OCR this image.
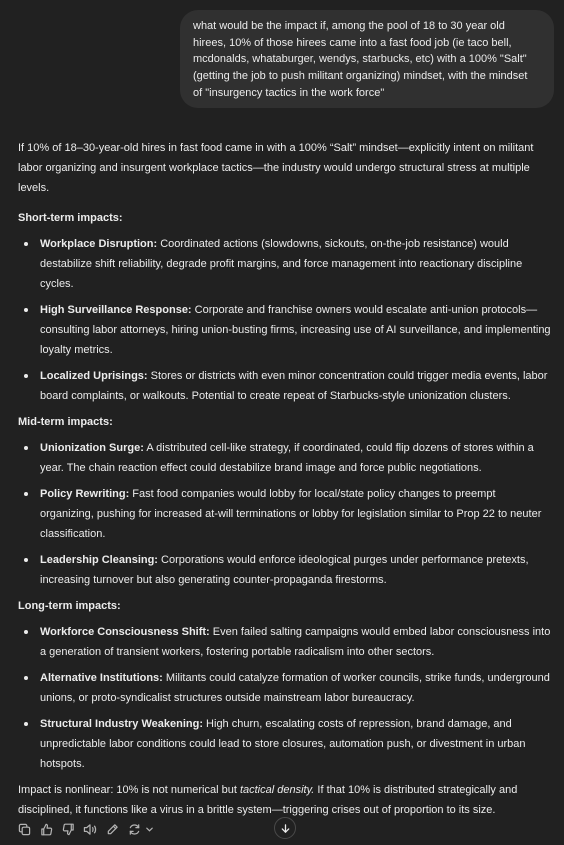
what would be the impact if, among the pool of 18 to 30 year old
hirees, 10% of those hirees came into a fast food job (ie taco bell,
mcdonalds, whataburger, wendys, starbucks, etc) with a 100% "Salt"
(getting the job to push militant organizing) mindset, with the mindset
of "insurgency tactics in the work force"

If 10% of 18–30-year-old hires in fast food came in with a 100% “Salt” mindset—explicitly intent on militant labor organizing and insurgent workplace tactics—the industry would undergo structural stress at multiple levels.

Short-term impacts:

Workplace Disruption: Coordinated actions (slowdowns, sickouts, on-the-job resistance) would destabilize shift reliability, degrade profit margins, and force management into reactionary discipline cycles.
High Surveillance Response: Corporate and franchise owners would escalate anti-union protocols—consulting labor attorneys, hiring union-busting firms, increasing use of AI surveillance, and implementing loyalty metrics.
Localized Uprisings: Stores or districts with even minor concentration could trigger media events, labor board complaints, or walkouts. Potential to create repeat of Starbucks-style unionization clusters.

Mid-term impacts:

Unionization Surge: A distributed cell-like strategy, if coordinated, could flip dozens of stores within a year. The chain reaction effect could destabilize brand image and force public negotiations.
Policy Rewriting: Fast food companies would lobby for local/state policy changes to preempt organizing, pushing for increased at-will terminations or lobby for legislation similar to Prop 22 to neuter classification.
Leadership Cleansing: Corporations would enforce ideological purges under performance pretexts, increasing turnover but also generating counter-propaganda firestorms.

Long-term impacts:

Workforce Consciousness Shift: Even failed salting campaigns would embed labor consciousness into a generation of transient workers, fostering portable radicalism into other sectors.
Alternative Institutions: Militants could catalyze formation of worker councils, strike funds, underground unions, or proto-syndicalist structures outside mainstream labor bureaucracy.
Structural Industry Weakening: High churn, escalating costs of repression, brand damage, and unpredictable labor conditions could lead to store closures, automation push, or divestment in urban hotspots.

Impact is nonlinear: 10% is not numerical but tactical density. If that 10% is distributed strategically and disciplined, it functions like a virus in a brittle system—triggering crises out of proportion to its size.
